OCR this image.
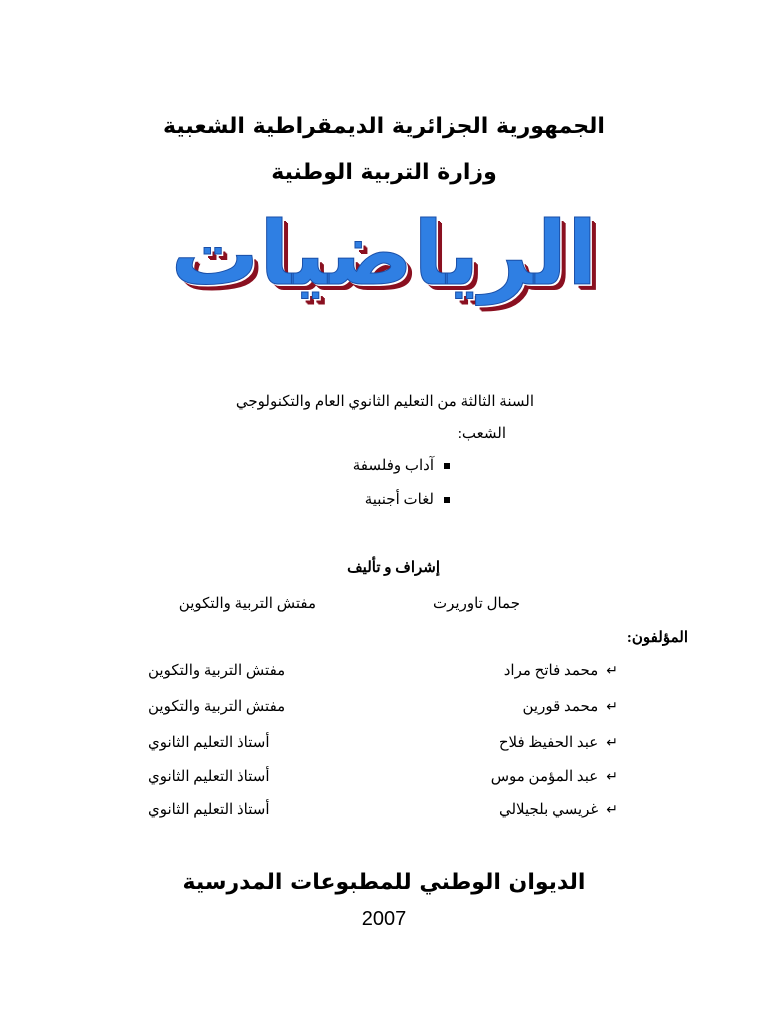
الجمهورية الجزائرية الديمقراطية الشعبية
وزارة التربية الوطنية
الرياضيات
السنة الثالثة من التعليم الثانوي العام والتكنولوجي
الشعب:
آداب وفلسفة
لغات أجنبية
إشراف و تأليف
جمال تاوريرت
مفتش التربية والتكوين
المؤلفون:
↵
محمد فاتح مراد
مفتش التربية والتكوين
↵
محمد قورين
مفتش التربية والتكوين
↵
عبد الحفيظ فلاح
أستاذ التعليم الثانوي
↵
عبد المؤمن موس
أستاذ التعليم الثانوي
↵
غريسي بلجيلالي
أستاذ التعليم الثانوي
الديوان الوطني للمطبوعات المدرسية
2007
